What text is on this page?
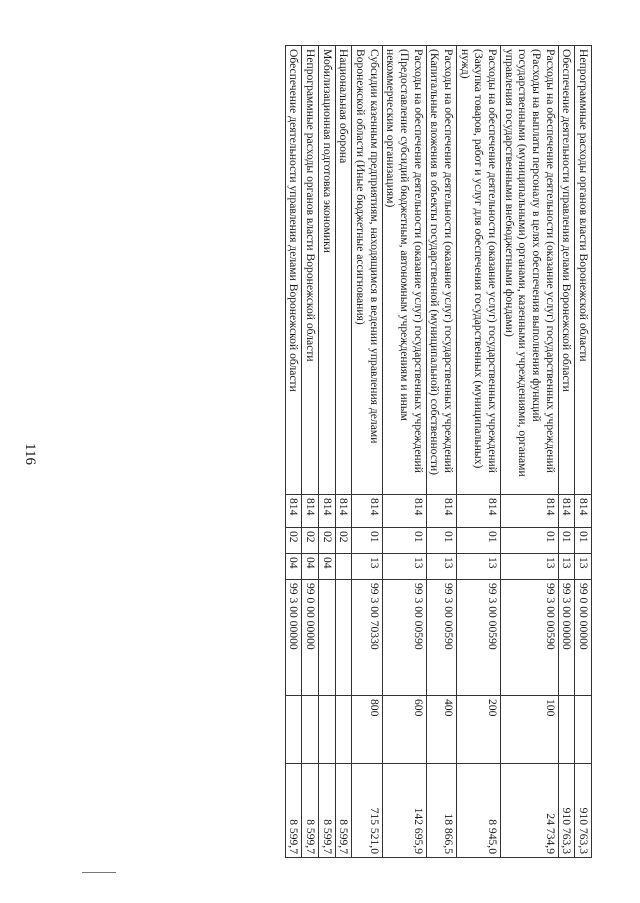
116
Непрограммные расходы органов власти Воронежской области	814	01	13	99 0 00 00000		910 763,3
Обеспечение деятельности управления делами Воронежской области	814	01	13	99 3 00 00000		910 763,3
Расходы на обеспечение деятельности (оказание услуг) государственных учреждений (Расходы на выплаты персоналу в целях обеспечения выполнения функций государственными (муниципальными) органами, казенными учреждениями, органами управления государственными внебюджетными фондами)	814	01	13	99 3 00 00590	100	24 734,9
Расходы на обеспечение деятельности (оказание услуг) государственных учреждений (Закупка товаров, работ и услуг для обеспечения государственных (муниципальных) нужд)	814	01	13	99 3 00 00590	200	8 945,0
Расходы на обеспечение деятельности (оказание услуг) государственных учреждений (Капитальные вложения в объекты государственной (муниципальной) собственности)	814	01	13	99 3 00 00590	400	18 866,5
Расходы на обеспечение деятельности (оказание услуг) государственных учреждений (Предоставление субсидий бюджетным, автономным учреждениям и иным некоммерческим организациям)	814	01	13	99 3 00 00590	600	142 695,9
Субсидии казенным предприятиям, находящимся в ведении управления делами Воронежской области (Иные бюджетные ассигнования)	814	01	13	99 3 00 70330	800	715 521,0
Национальная оборона	814	02				8 599,7
Мобилизационная подготовка экономики	814	02	04			8 599,7
Непрограммные расходы органов власти Воронежской области	814	02	04	99 0 00 00000		8 599,7
Обеспечение деятельности управления делами Воронежской области	814	02	04	99 3 00 00000		8 599,7
